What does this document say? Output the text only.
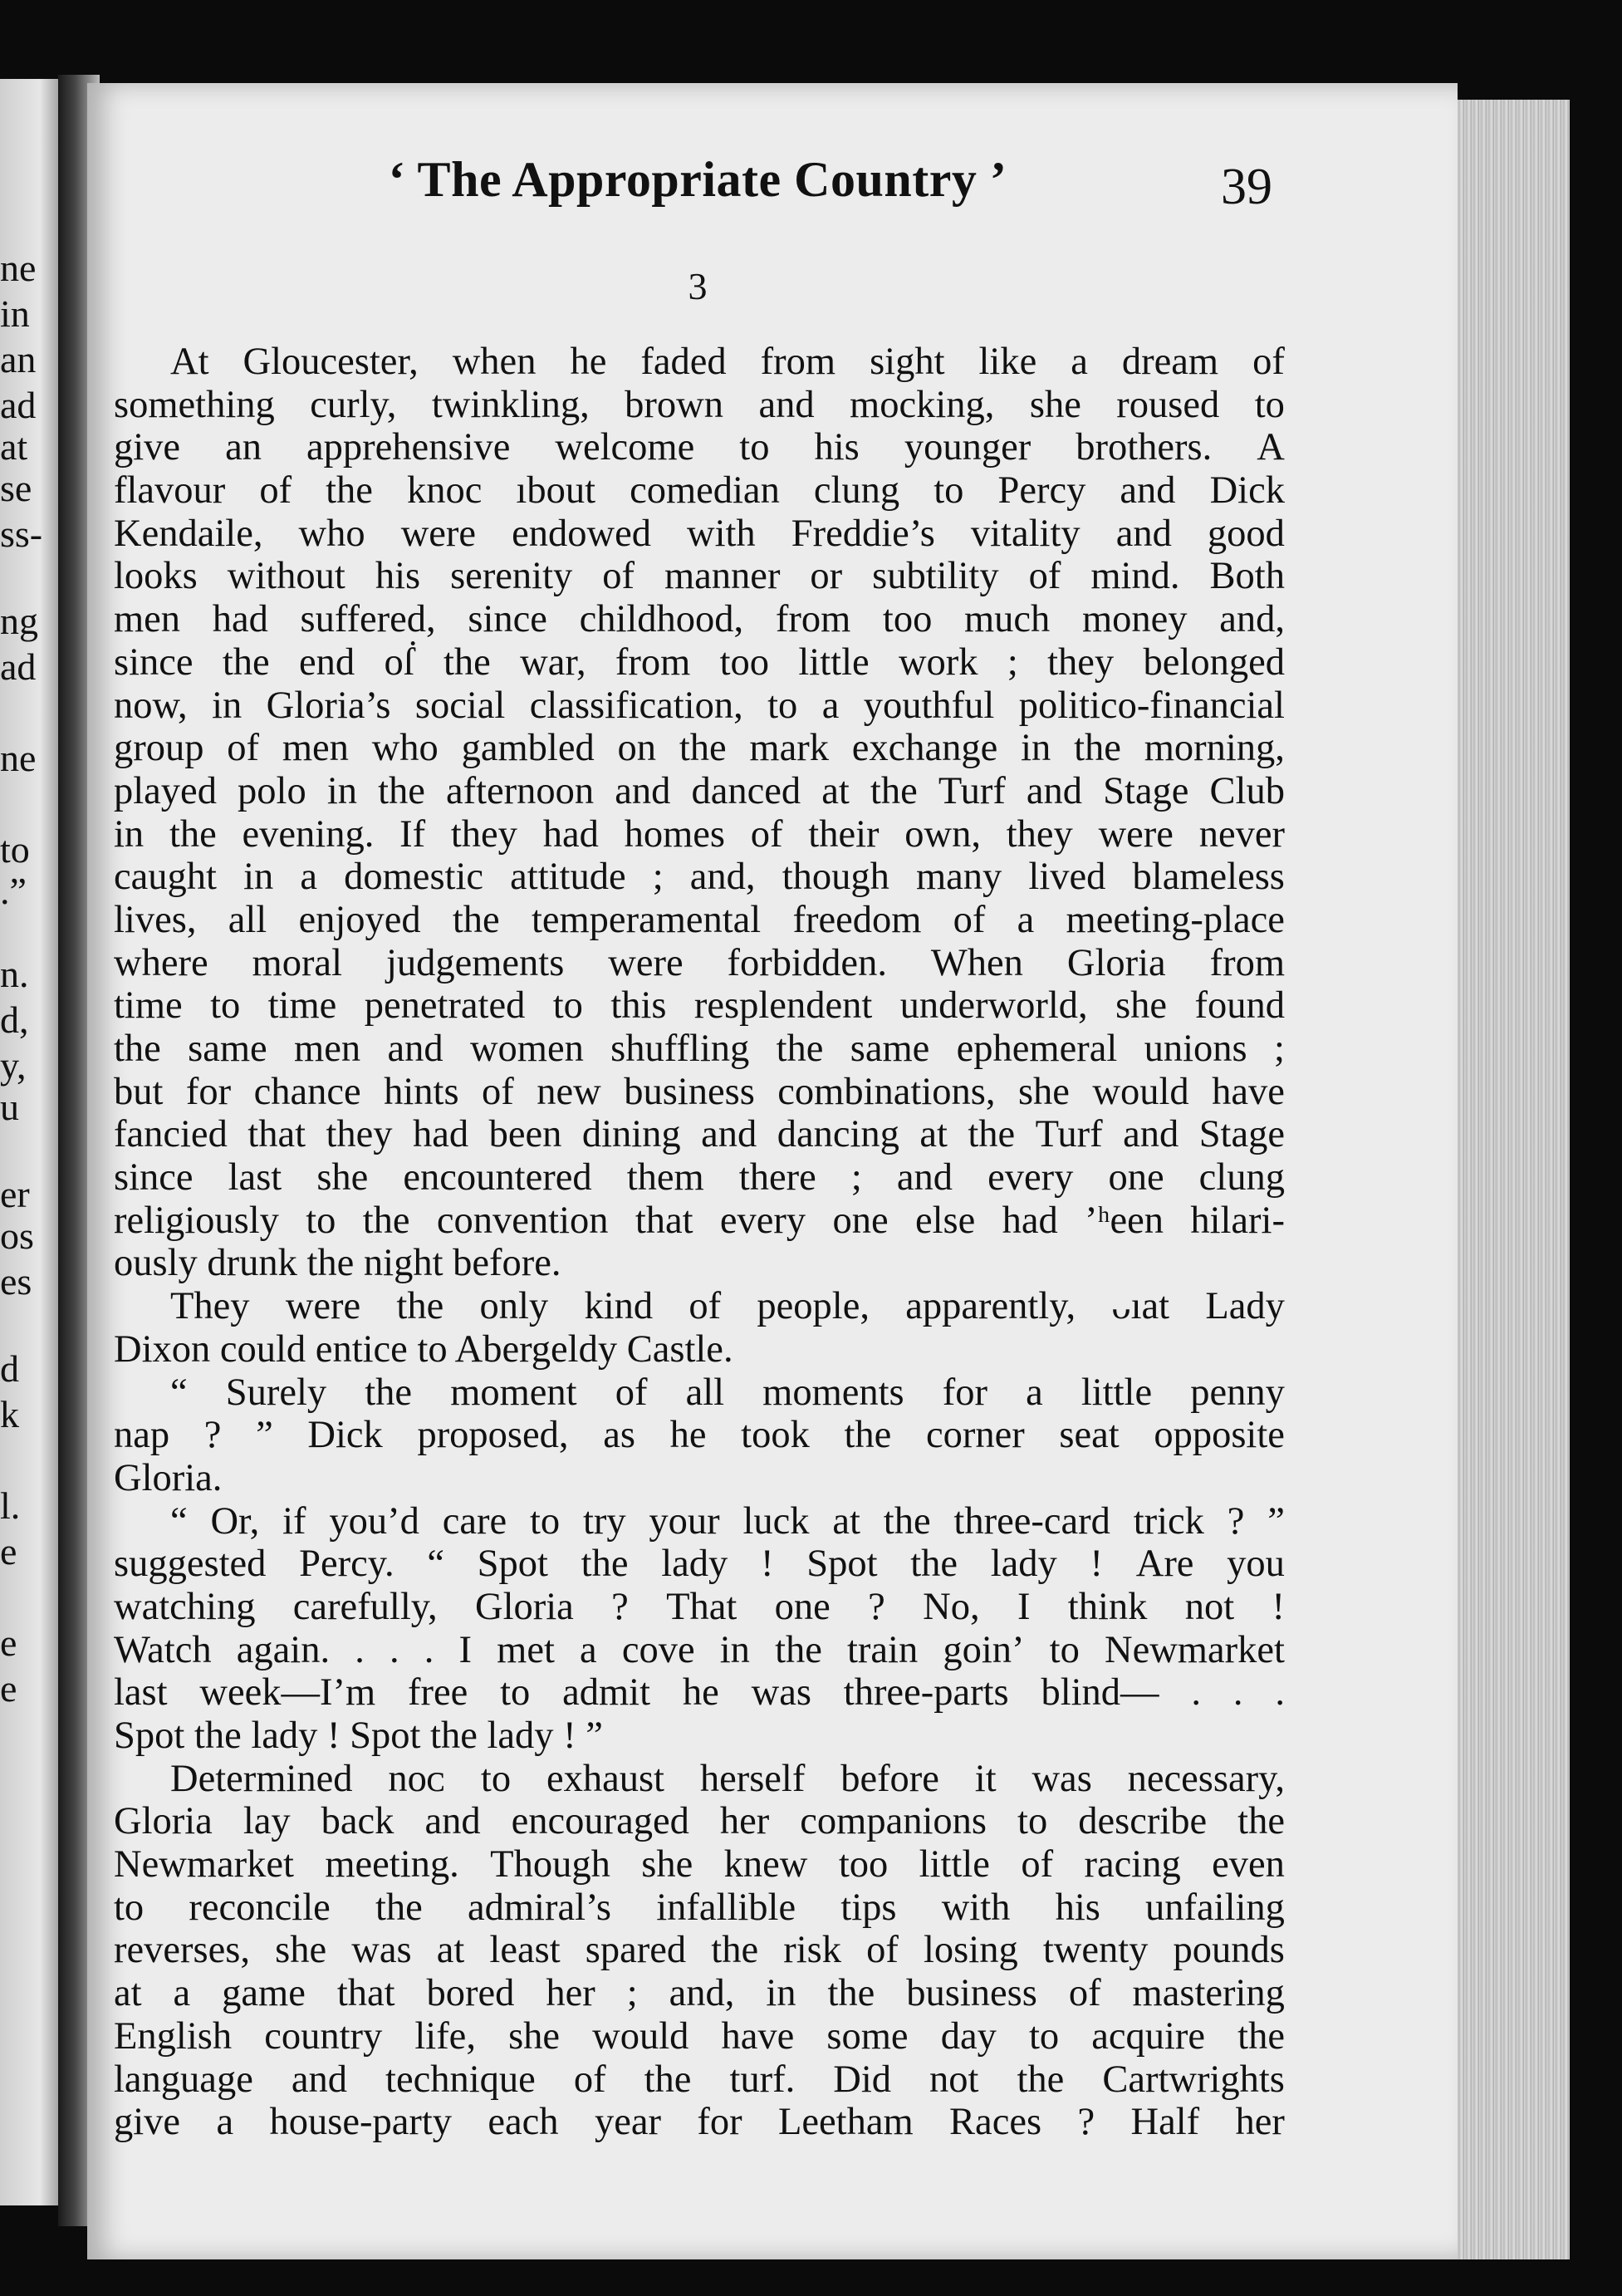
ne
in
an
ad
at
se
ss-
ng
ad
ne
to
.”
n.
d,
y,
u
er
os
es
d
k
l.
e
e
e
‘ The Appropriate Country ’	39
3
At Gloucester, when he faded from sight like a dream of
something curly, twinkling, brown and mocking, she roused to
give an apprehensive welcome to his younger brothers. A
flavour of the knoc ıbout comedian clung to Percy and Dick
Kendaile, who were endowed with Freddie’s vitality and good
looks without his serenity of manner or subtility of mind. Both
men had suffered, since childhood, from too much money and,
since the end oẛ the war, from too little work ; they belonged
now, in Gloria’s social classification, to a youthful politico-financial
group of men who gambled on the mark exchange in the morning,
played polo in the afternoon and danced at the Turf and Stage Club
in the evening. If they had homes of their own, they were never
caught in a domestic attitude ; and, though many lived blameless
lives, all enjoyed the temperamental freedom of a meeting-place
where moral judgements were forbidden. When Gloria from
time to time penetrated to this resplendent underworld, she found
the same men and women shuffling the same ephemeral unions ;
but for chance hints of new business combinations, she would have
fancied that they had been dining and dancing at the Turf and Stage
since last she encountered them there ; and every one clung
religiously to the convention that every one else had ’ʰeen hilari-
ously drunk the night before.
They were the only kind of people, apparently, ᴗıat Lady
Dixon could entice to Abergeldy Castle.
“ Surely the moment of all moments for a little penny
nap ? ” Dick proposed, as he took the corner seat opposite
Gloria.
“ Or, if you’d care to try your luck at the three-card trick ? ”
suggested Percy. “ Spot the lady ! Spot the lady ! Are you
watching carefully, Gloria ? That one ? No, I think not !
Watch again. . . . I met a cove in the train goin’ to Newmarket
last week—I’m free to admit he was three-parts blind— . . .
Spot the lady ! Spot the lady ! ”
Determined noᴄ to exhaust herself before it was necessary,
Gloria lay back and encouraged her companions to describe the
Newmarket meeting. Though she knew too little of racing even
to reconcile the admiral’s infallible tips with his unfailing
reverses, she was at least spared the risk of losing twenty pounds
at a game that bored her ; and, in the business of mastering
English country life, she would have some day to acquire the
language and technique of the turf. Did not the Cartwrights
give a house-party each year for Leetham Races ? Half her
